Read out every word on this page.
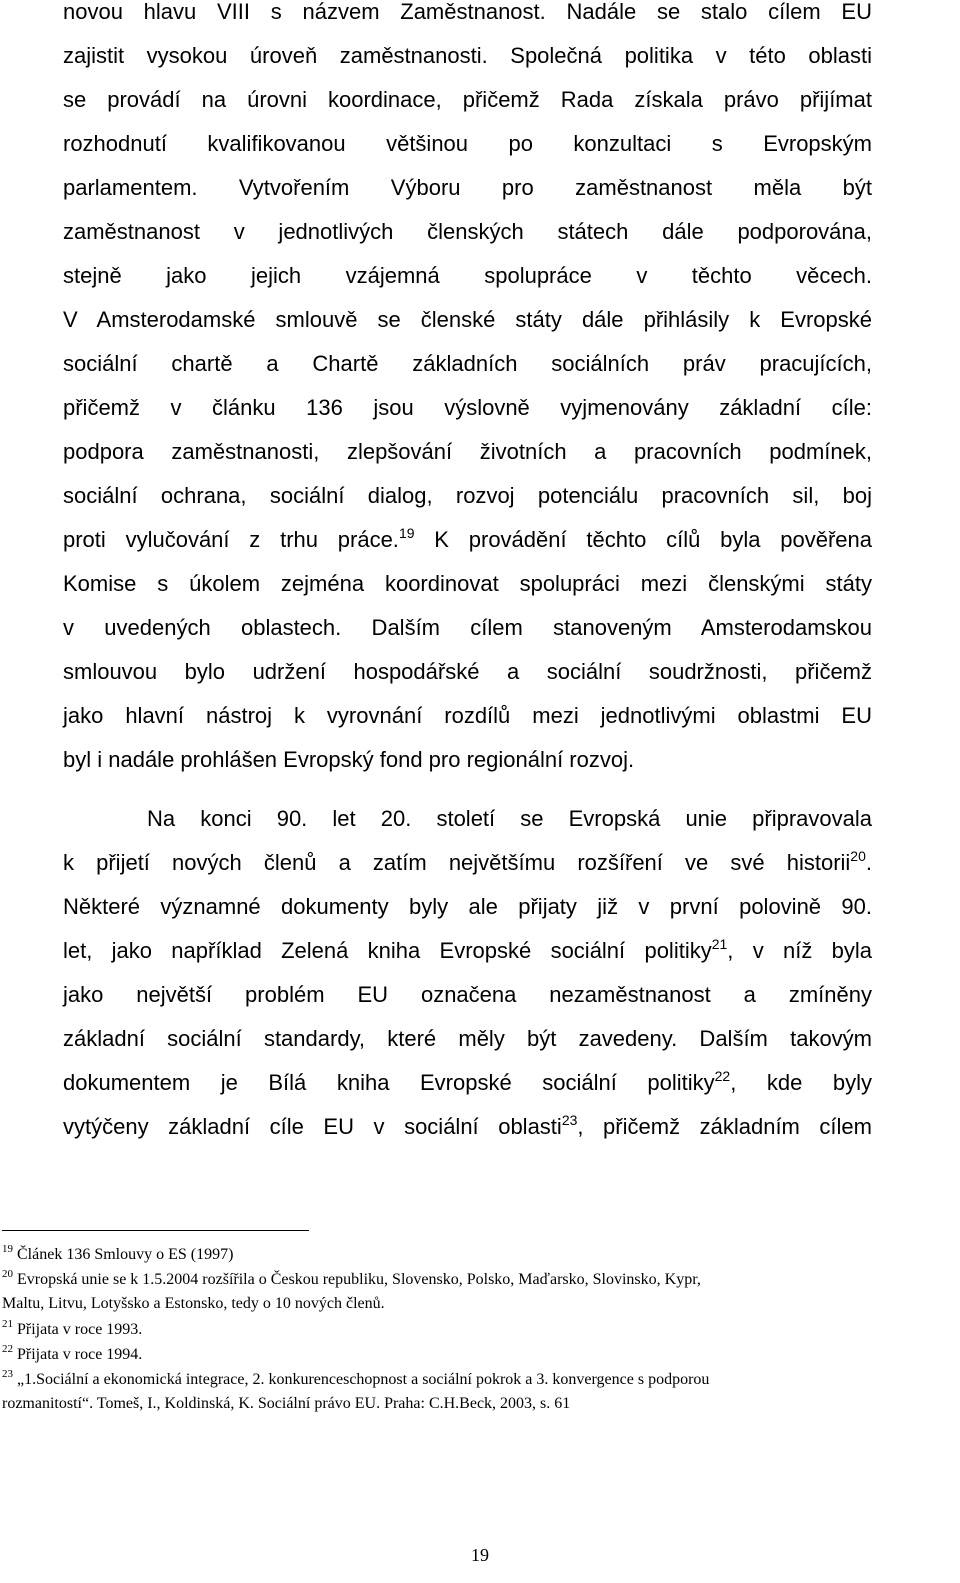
novou hlavu VIII s názvem Zaměstnanost. Nadále se stalo cílem EU
zajistit vysokou úroveň zaměstnanosti. Společná politika v této oblasti
se provádí na úrovni koordinace, přičemž Rada získala právo přijímat
rozhodnutí kvalifikovanou většinou po konzultaci s Evropským
parlamentem. Vytvořením Výboru pro zaměstnanost měla být
zaměstnanost v jednotlivých členských státech dále podporována,
stejně jako jejich vzájemná spolupráce v těchto věcech.
V Amsterodamské smlouvě se členské státy dále přihlásily k Evropské
sociální chartě a Chartě základních sociálních práv pracujících,
přičemž v článku 136 jsou výslovně vyjmenovány základní cíle:
podpora zaměstnanosti, zlepšování životních a pracovních podmínek,
sociální ochrana, sociální dialog, rozvoj potenciálu pracovních sil, boj
proti vylučování z trhu práce.$^{19}$ K provádění těchto cílů byla pověřena
Komise s úkolem zejména koordinovat spolupráci mezi členskými státy
v uvedených oblastech. Dalším cílem stanoveným Amsterodamskou
smlouvou bylo udržení hospodářské a sociální soudržnosti, přičemž
jako hlavní nástroj k vyrovnání rozdílů mezi jednotlivými oblastmi EU
byl i nadále prohlášen Evropský fond pro regionální rozvoj.
Na konci 90. let 20. století se Evropská unie připravovala
k přijetí nových členů a zatím největšímu rozšíření ve své historii$^{20}$.
Některé významné dokumenty byly ale přijaty již v první polovině 90.
let, jako například Zelená kniha Evropské sociální politiky$^{21}$, v níž byla
jako největší problém EU označena nezaměstnanost a zmíněny
základní sociální standardy, které měly být zavedeny. Dalším takovým
dokumentem je Bílá kniha Evropské sociální politiky$^{22}$, kde byly
vytýčeny základní cíle EU v sociální oblasti$^{23}$, přičemž základním cílem
$^{19}$ Článek 136 Smlouvy o ES (1997)
$^{20}$ Evropská unie se k 1.5.2004 rozšířila o Českou republiku, Slovensko, Polsko, Maďarsko, Slovinsko, Kypr,
Maltu, Litvu, Lotyšsko a Estonsko, tedy o 10 nových členů.
$^{21}$ Přijata v roce 1993.
$^{22}$ Přijata v roce 1994.
$^{23}$ „1.Sociální a ekonomická integrace, 2. konkurenceschopnost a sociální pokrok a 3. konvergence s podporou
rozmanitostí“. Tomeš, I., Koldinská, K. Sociální právo EU. Praha: C.H.Beck, 2003, s. 61
19
